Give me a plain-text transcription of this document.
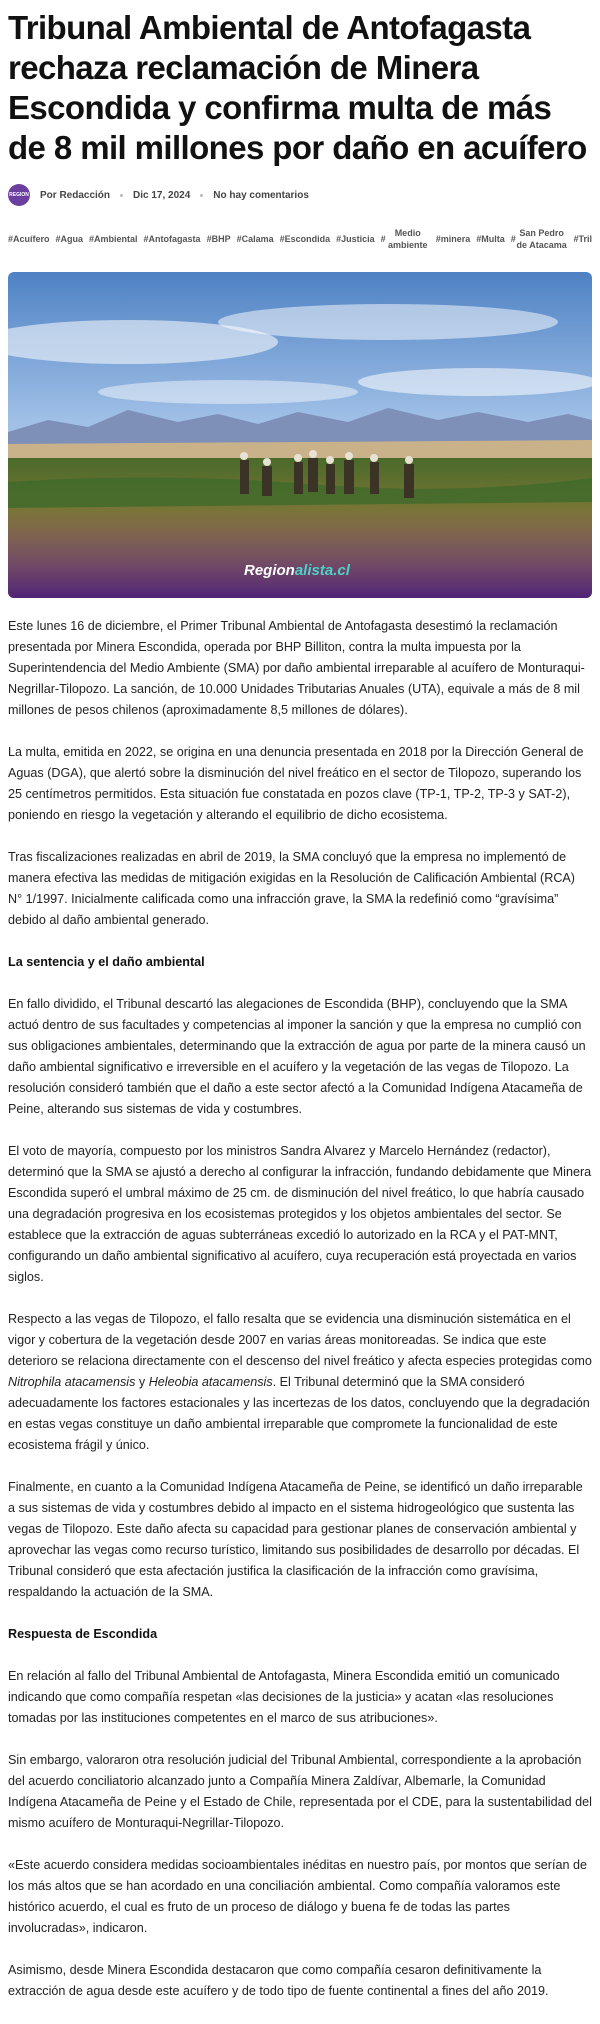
Tribunal Ambiental de Antofagasta rechaza reclamación de Minera Escondida y confirma multa de más de 8 mil millones por daño en acuífero
REGION Por Redacción Dic 17, 2024 No hay comentarios
#Acuífero #Agua #Ambiental #Antofagasta #BHP #Calama #Escondida #Justicia #
Medio ambiente
#minera #Multa #
San Pedro de Atacama
#Tril
Regionalista.cl

Este lunes 16 de diciembre, el Primer Tribunal Ambiental de Antofagasta desestimó la reclamación presentada por Minera Escondida, operada por BHP Billiton, contra la multa impuesta por la Superintendencia del Medio Ambiente (SMA) por daño ambiental irreparable al acuífero de Monturaqui-Negrillar-Tilopozo. La sanción, de 10.000 Unidades Tributarias Anuales (UTA), equivale a más de 8 mil millones de pesos chilenos (aproximadamente 8,5 millones de dólares).

La multa, emitida en 2022, se origina en una denuncia presentada en 2018 por la Dirección General de Aguas (DGA), que alertó sobre la disminución del nivel freático en el sector de Tilopozo, superando los 25 centímetros permitidos. Esta situación fue constatada en pozos clave (TP-1, TP-2, TP-3 y SAT-2), poniendo en riesgo la vegetación y alterando el equilibrio de dicho ecosistema.

Tras fiscalizaciones realizadas en abril de 2019, la SMA concluyó que la empresa no implementó de manera efectiva las medidas de mitigación exigidas en la Resolución de Calificación Ambiental (RCA) N° 1/1997. Inicialmente calificada como una infracción grave, la SMA la redefinió como “gravísima” debido al daño ambiental generado.

La sentencia y el daño ambiental

En fallo dividido, el Tribunal descartó las alegaciones de Escondida (BHP), concluyendo que la SMA actuó dentro de sus facultades y competencias al imponer la sanción y que la empresa no cumplió con sus obligaciones ambientales, determinando que la extracción de agua por parte de la minera causó un daño ambiental significativo e irreversible en el acuífero y la vegetación de las vegas de Tilopozo. La resolución consideró también que el daño a este sector afectó a la Comunidad Indígena Atacameña de Peine, alterando sus sistemas de vida y costumbres.

El voto de mayoría, compuesto por los ministros Sandra Alvarez y Marcelo Hernández (redactor), determinó que la SMA se ajustó a derecho al configurar la infracción, fundando debidamente que Minera Escondida superó el umbral máximo de 25 cm. de disminución del nivel freático, lo que habría causado una degradación progresiva en los ecosistemas protegidos y los objetos ambientales del sector. Se establece que la extracción de aguas subterráneas excedió lo autorizado en la RCA y el PAT-MNT, configurando un daño ambiental significativo al acuífero, cuya recuperación está proyectada en varios siglos.

Respecto a las vegas de Tilopozo, el fallo resalta que se evidencia una disminución sistemática en el vigor y cobertura de la vegetación desde 2007 en varias áreas monitoreadas. Se indica que este deterioro se relaciona directamente con el descenso del nivel freático y afecta especies protegidas como Nitrophila atacamensis y Heleobia atacamensis. El Tribunal determinó que la SMA consideró adecuadamente los factores estacionales y las incertezas de los datos, concluyendo que la degradación en estas vegas constituye un daño ambiental irreparable que compromete la funcionalidad de este ecosistema frágil y único.

Finalmente, en cuanto a la Comunidad Indígena Atacameña de Peine, se identificó un daño irreparable a sus sistemas de vida y costumbres debido al impacto en el sistema hidrogeológico que sustenta las vegas de Tilopozo. Este daño afecta su capacidad para gestionar planes de conservación ambiental y aprovechar las vegas como recurso turístico, limitando sus posibilidades de desarrollo por décadas. El Tribunal consideró que esta afectación justifica la clasificación de la infracción como gravísima, respaldando la actuación de la SMA.

Respuesta de Escondida

En relación al fallo del Tribunal Ambiental de Antofagasta, Minera Escondida emitió un comunicado indicando que como compañía respetan «las decisiones de la justicia» y acatan «las resoluciones tomadas por las instituciones competentes en el marco de sus atribuciones».

Sin embargo, valoraron otra resolución judicial del Tribunal Ambiental, correspondiente a la aprobación del acuerdo conciliatorio alcanzado junto a Compañía Minera Zaldívar, Albemarle, la Comunidad Indígena Atacameña de Peine y el Estado de Chile, representada por el CDE, para la sustentabilidad del mismo acuífero de Monturaqui-Negrillar-Tilopozo.

«Este acuerdo considera medidas socioambientales inéditas en nuestro país, por montos que serían de los más altos que se han acordado en una conciliación ambiental. Como compañía valoramos este histórico acuerdo, el cual es fruto de un proceso de diálogo y buena fe de todas las partes involucradas», indicaron.

Asimismo, desde Minera Escondida destacaron que como compañía cesaron definitivamente la extracción de agua desde este acuífero y de todo tipo de fuente continental a fines del año 2019.
